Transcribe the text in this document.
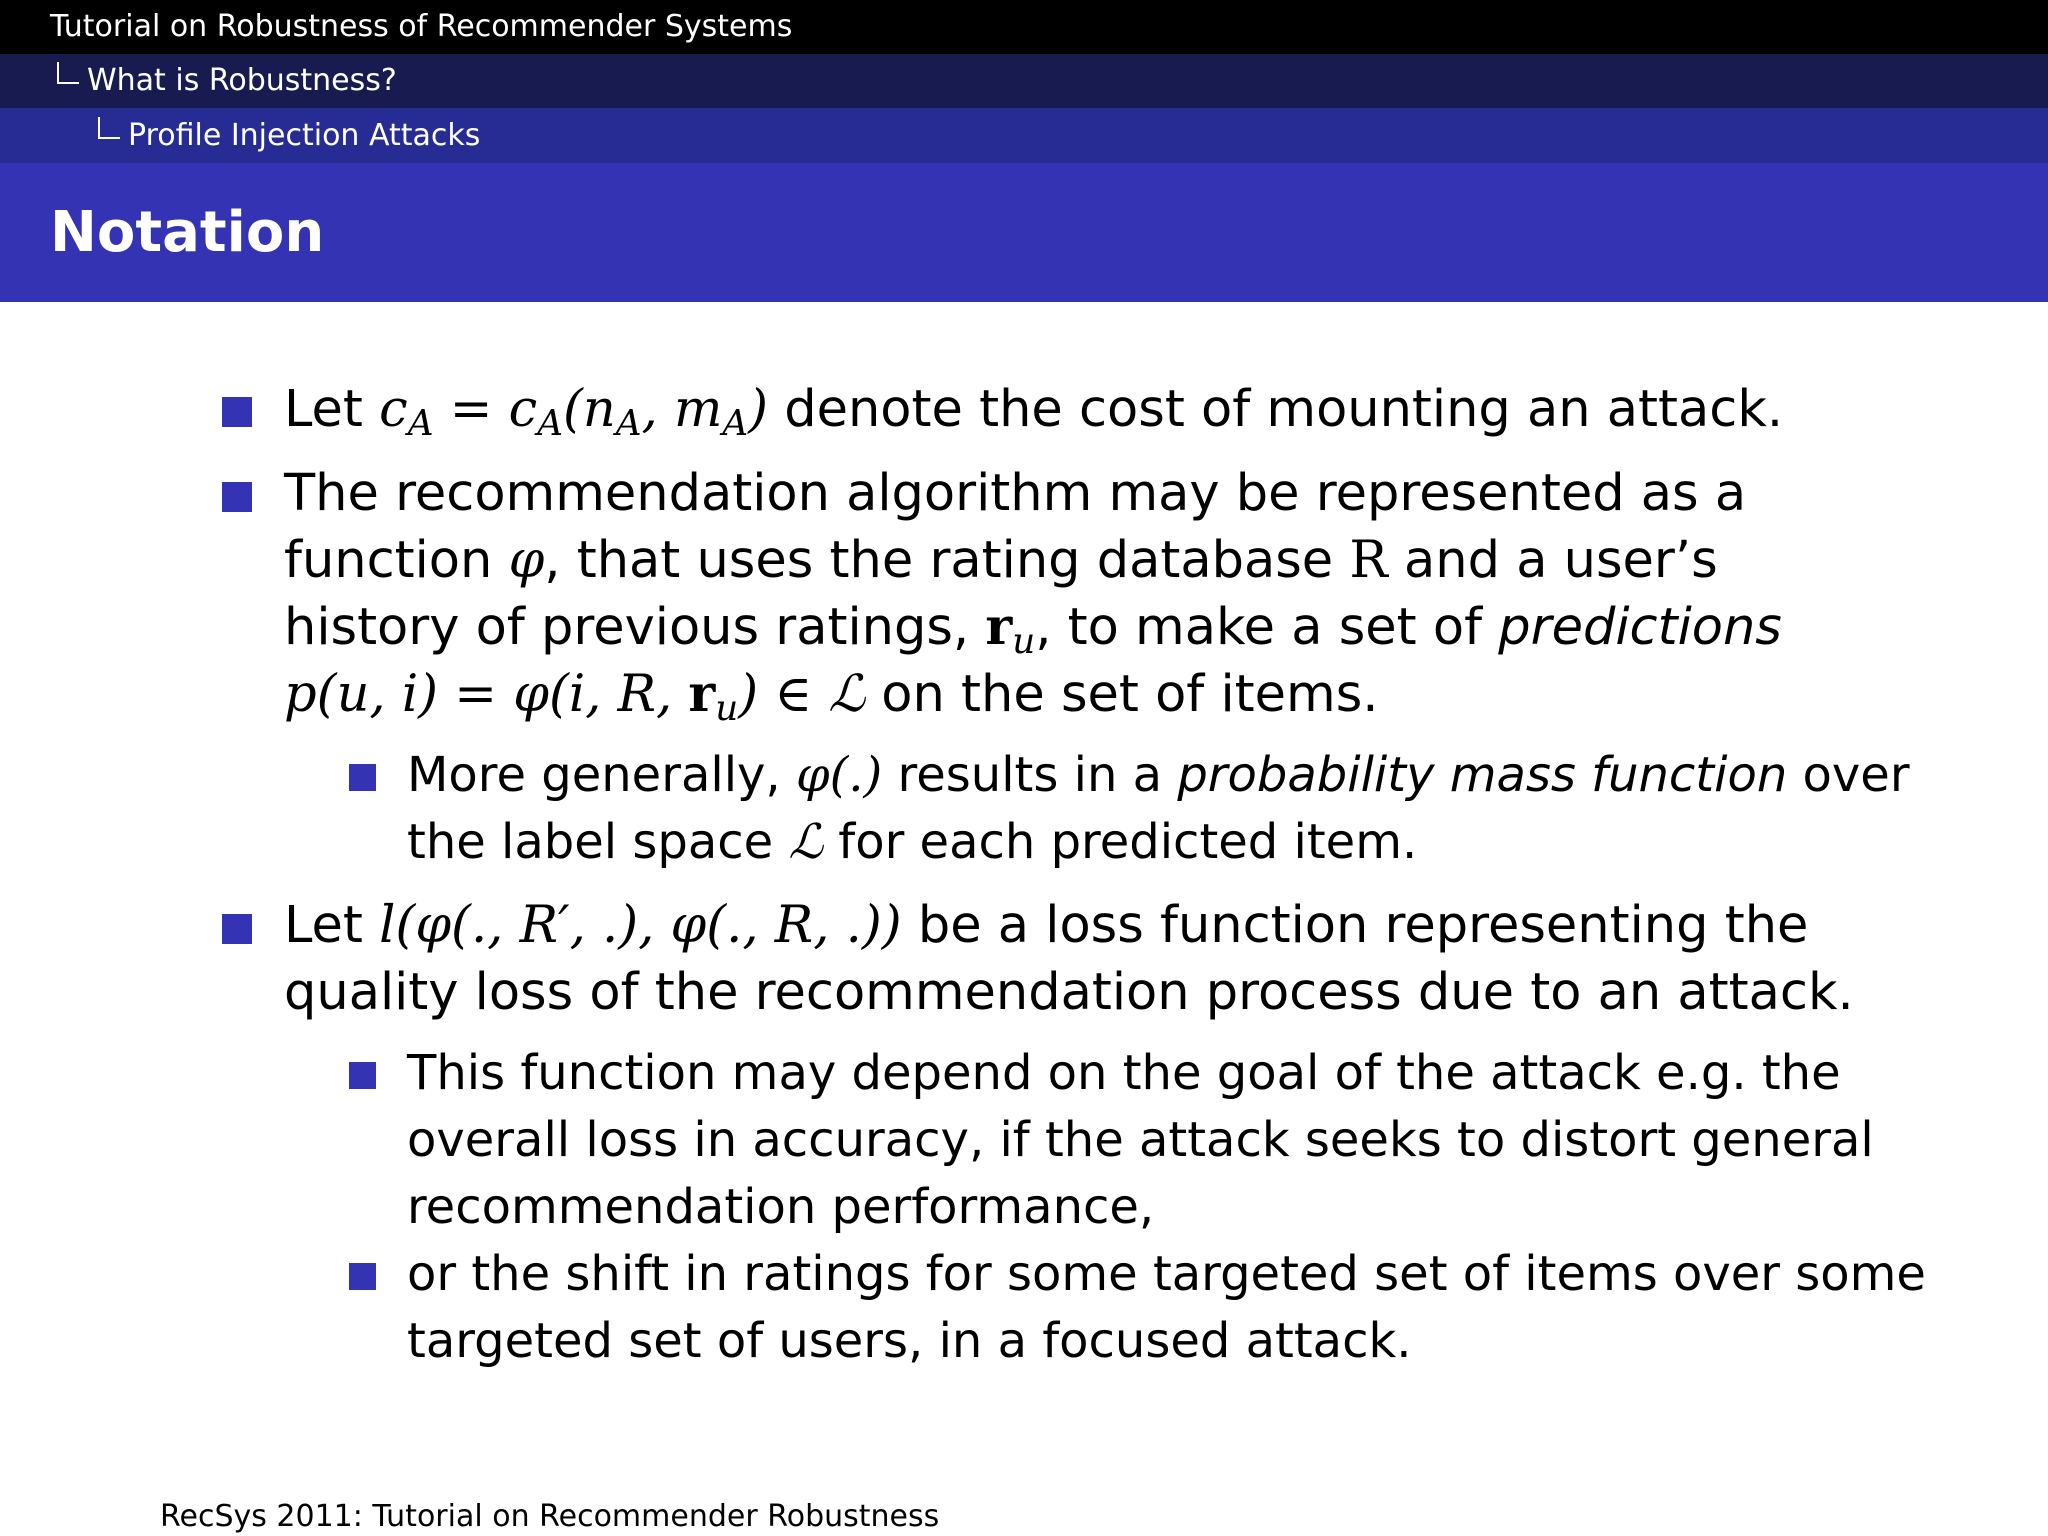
Tutorial on Robustness of Recommender Systems
What is Robustness?
Profile Injection Attacks
Notation
Let $c_A = c_A(n_A$, $m_A$) denote the cost of mounting an attack.
The recommendation algorithm may be represented as a
function φ, that uses the rating database R and a user’s
history of previous ratings, $r_u$, to make a set of predictions
p(u, i) = φ(i, R, $r_u$) ∈ ℒ on the set of items.
More generally, φ(.) results in a probability mass function over
the label space ℒ for each predicted item.
Let l(φ(., R′, .), φ(., R, .)) be a loss function representing the
quality loss of the recommendation process due to an attack.
This function may depend on the goal of the attack e.g. the
overall loss in accuracy, if the attack seeks to distort general
recommendation performance,
or the shift in ratings for some targeted set of items over some
targeted set of users, in a focused attack.
RecSys 2011: Tutorial on Recommender Robustness
